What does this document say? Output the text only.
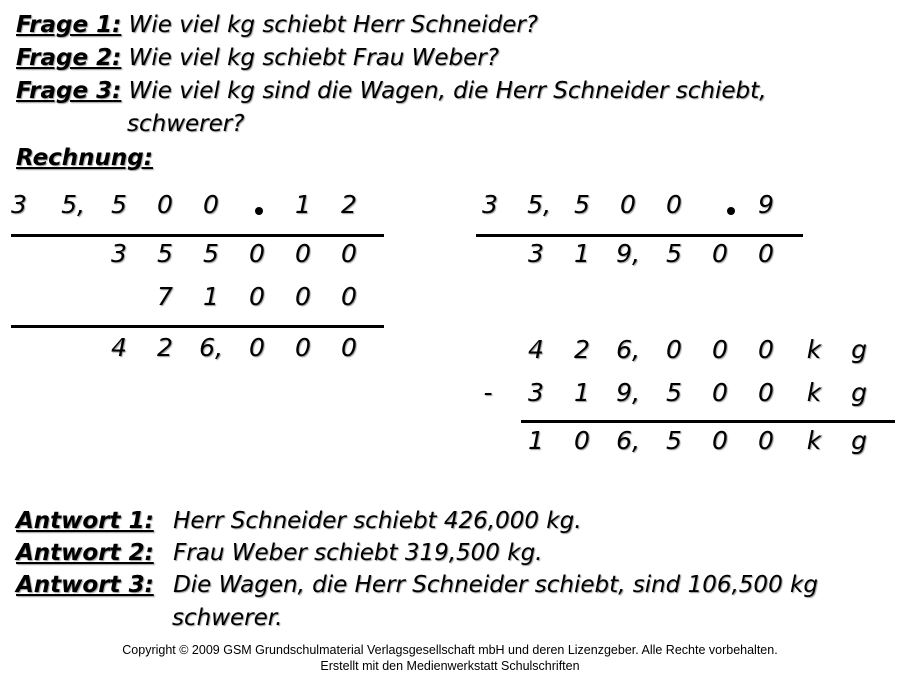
Frage 1: Wie viel kg schiebt Herr Schneider?
Frage 2: Wie viel kg schiebt Frau Weber?
Frage 3: Wie viel kg sind die Wagen, die Herr Schneider schiebt,
schwerer?
Rechnung:
3 5, 5 0 0	1 2
3 5 5 0 0 0
7 1 0 0 0
4 2 6, 0 0 0
3 5, 5 0 0	9
3 1 9, 5 0 0
4 2 6, 0 0 0 k g
-	3 1 9, 5 0 0 k g
1 0 6, 5 0 0 k g
Antwort 1: Herr Schneider schiebt 426,000 kg.
Antwort 2: Frau Weber schiebt 319,500 kg.
Antwort 3: Die Wagen, die Herr Schneider schiebt, sind 106,500 kg
schwerer.
Copyright © 2009 GSM Grundschulmaterial Verlagsgesellschaft mbH und deren Lizenzgeber. Alle Rechte vorbehalten.
Erstellt mit den Medienwerkstatt Schulschriften
